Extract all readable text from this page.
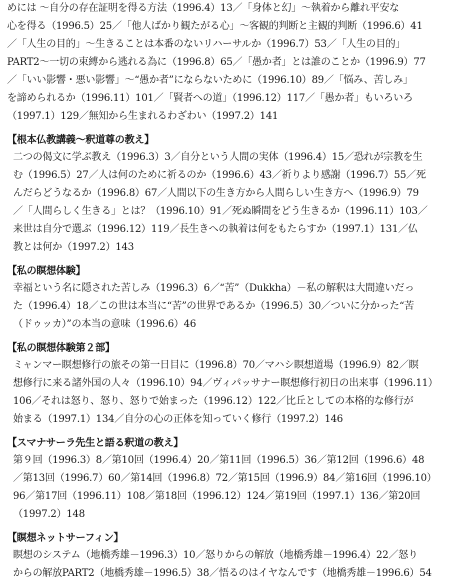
めには ～自分の存在証明を得る方法（1996.4）13／「身体と幻」～執着から離れ平安な
心を得る（1996.5）25／「他人ばかり観たがる心」～客観的判断と主観的判断（1996.6）41
／「人生の目的」～生きることは本番のないリハーサルか（1996.7）53／「人生の目的」
PART2～一切の束縛から逃れる為に（1996.8）65／「愚か者」とは誰のことか（1996.9）77
／「いい影響・悪い影響」～“愚か者”にならないために（1996.10）89／「悩み、苦しみ」
を諦められるか（1996.11）101／「賢者への道」（1996.12）117／「愚か者」もいろいろ
（1997.1）129／無知から生まれるわざわい（1997.2）141
【根本仏教講義～釈道尊の教え】
二つの偈文に学ぶ教え（1996.3）3／自分という人間の実体（1996.4）15／恐れが宗教を生
む（1996.5）27／人は何のために祈るのか（1996.6）43／祈りより感謝（1996.7）55／死
んだらどうなるか（1996.8）67／人間以下の生き方から人間らしい生き方へ（1996.9）79
／「人間らしく生きる」とは？（1996.10）91／死ぬ瞬間をどう生きるか（1996.11）103／
来世は自分で選ぶ（1996.12）119／長生きへの執着は何をもたらすか（1997.1）131／仏
教とは何か（1997.2）143
【私の瞑想体験】
幸福という名に隠された苦しみ（1996.3）6／“苦”（Dukkha）－私の解釈は大間違いだっ
た（1996.4）18／この世は本当に“苦”の世界であるか（1996.5）30／ついに分かった“苦
（ドゥッカ）”の本当の意味（1996.6）46
【私の瞑想体験第２部】
ミャンマー瞑想修行の旅その第一日目に（1996.8）70／マハシ瞑想道場（1996.9）82／瞑
想修行に来る諸外国の人々（1996.10）94／ヴィパッサナー瞑想修行初日の出来事（1996.11）
106／それは怒り、怒り、怒りで始まった（1996.12）122／比丘としての本格的な修行が
始まる（1997.1）134／自分の心の正体を知っていく修行（1997.2）146
【スマナサーラ先生と語る釈道の教え】
第９回（1996.3）8／第10回（1996.4）20／第11回（1996.5）36／第12回（1996.6）48
／第13回（1996.7）60／第14回（1996.8）72／第15回（1996.9）84／第16回（1996.10）
96／第17回（1996.11）108／第18回（1996.12）124／第19回（1997.1）136／第20回
（1997.2）148
【瞑想ネットサーフィン】
瞑想のシステム（地橋秀雄－1996.3）10／怒りからの解放（地橋秀雄－1996.4）22／怒り
からの解放PART2（地橋秀雄－1996.5）38／悟るのはイヤなんです（地橋秀雄－1996.6）54
